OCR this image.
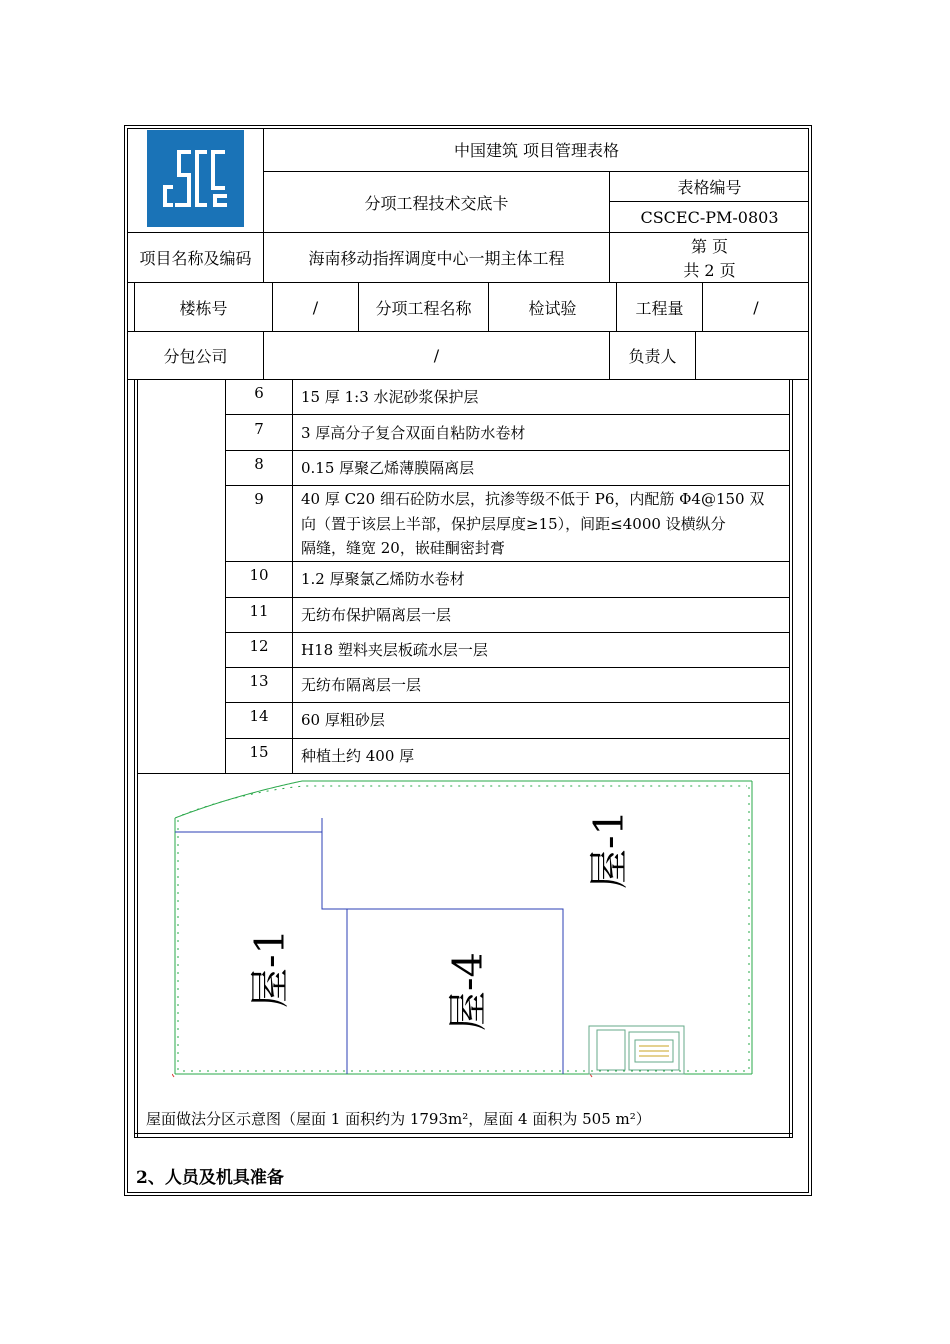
中国建筑 项目管理表格
分项工程技术交底卡
表格编号
CSCEC-PM-0803
项目名称及编码	海南移动指挥调度中心一期主体工程
第 页
共 2 页
楼栋号	/	分项工程名称	检试验	工程量	/
分包公司	/	负责人
6	15 厚 1:3 水泥砂浆保护层
7	3 厚高分子复合双面自粘防水卷材
8	0.15 厚聚乙烯薄膜隔离层
9	40 厚 C20 细石砼防水层，抗渗等级不低于 P6，内配筋 Φ4@150 双
向（置于该层上半部，保护层厚度≥15），间距≤4000 设横纵分
隔缝，缝宽 20，嵌硅酮密封膏
10	1.2 厚聚氯乙烯防水卷材
11	无纺布保护隔离层一层
12	H18 塑料夹层板疏水层一层
13	无纺布隔离层一层
14	60 厚粗砂层
15	种植土约 400 厚
屋-1
屋-1
屋-4
屋面做法分区示意图（屋面 1 面积约为 1793m²，屋面 4 面积为 505 m²）
2、人员及机具准备
